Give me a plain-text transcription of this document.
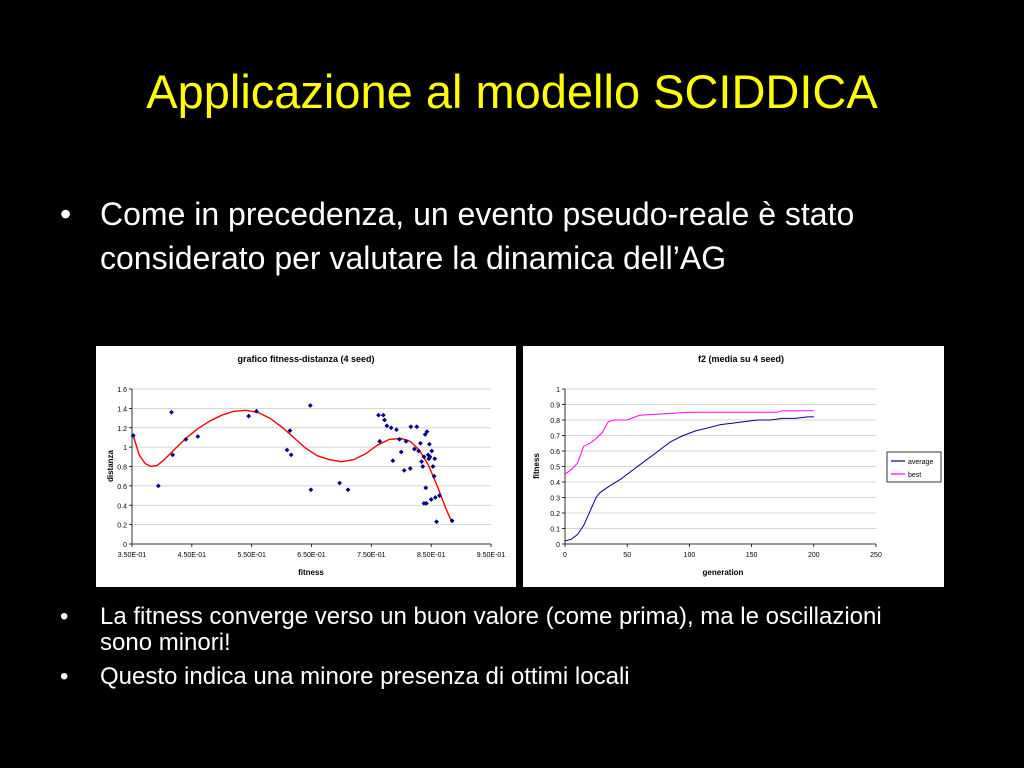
Applicazione al modello SCIDDICA
• Come in precedenza, un evento pseudo-reale è stato considerato per valutare la dinamica dell’AG
grafico fitness-distanza (4 seed)
fitness
distanza
0
0.2
0.4
0.6
0.8
1
1.2
1.4
1.6
3.50E-01	4.50E-01	5.50E-01	6.50E-01	7.50E-01	8.50E-01	9.50E-01
f2 (media su 4 seed)
generation
fitness
0
0.1
0.2
0.3
0.4
0.5
0.6
0.7
0.8
0.9
1
0	50	100	150	200	250
average
best
• La fitness converge verso un buon valore (come prima), ma le oscillazioni sono minori!
• Questo indica una minore presenza di ottimi locali
